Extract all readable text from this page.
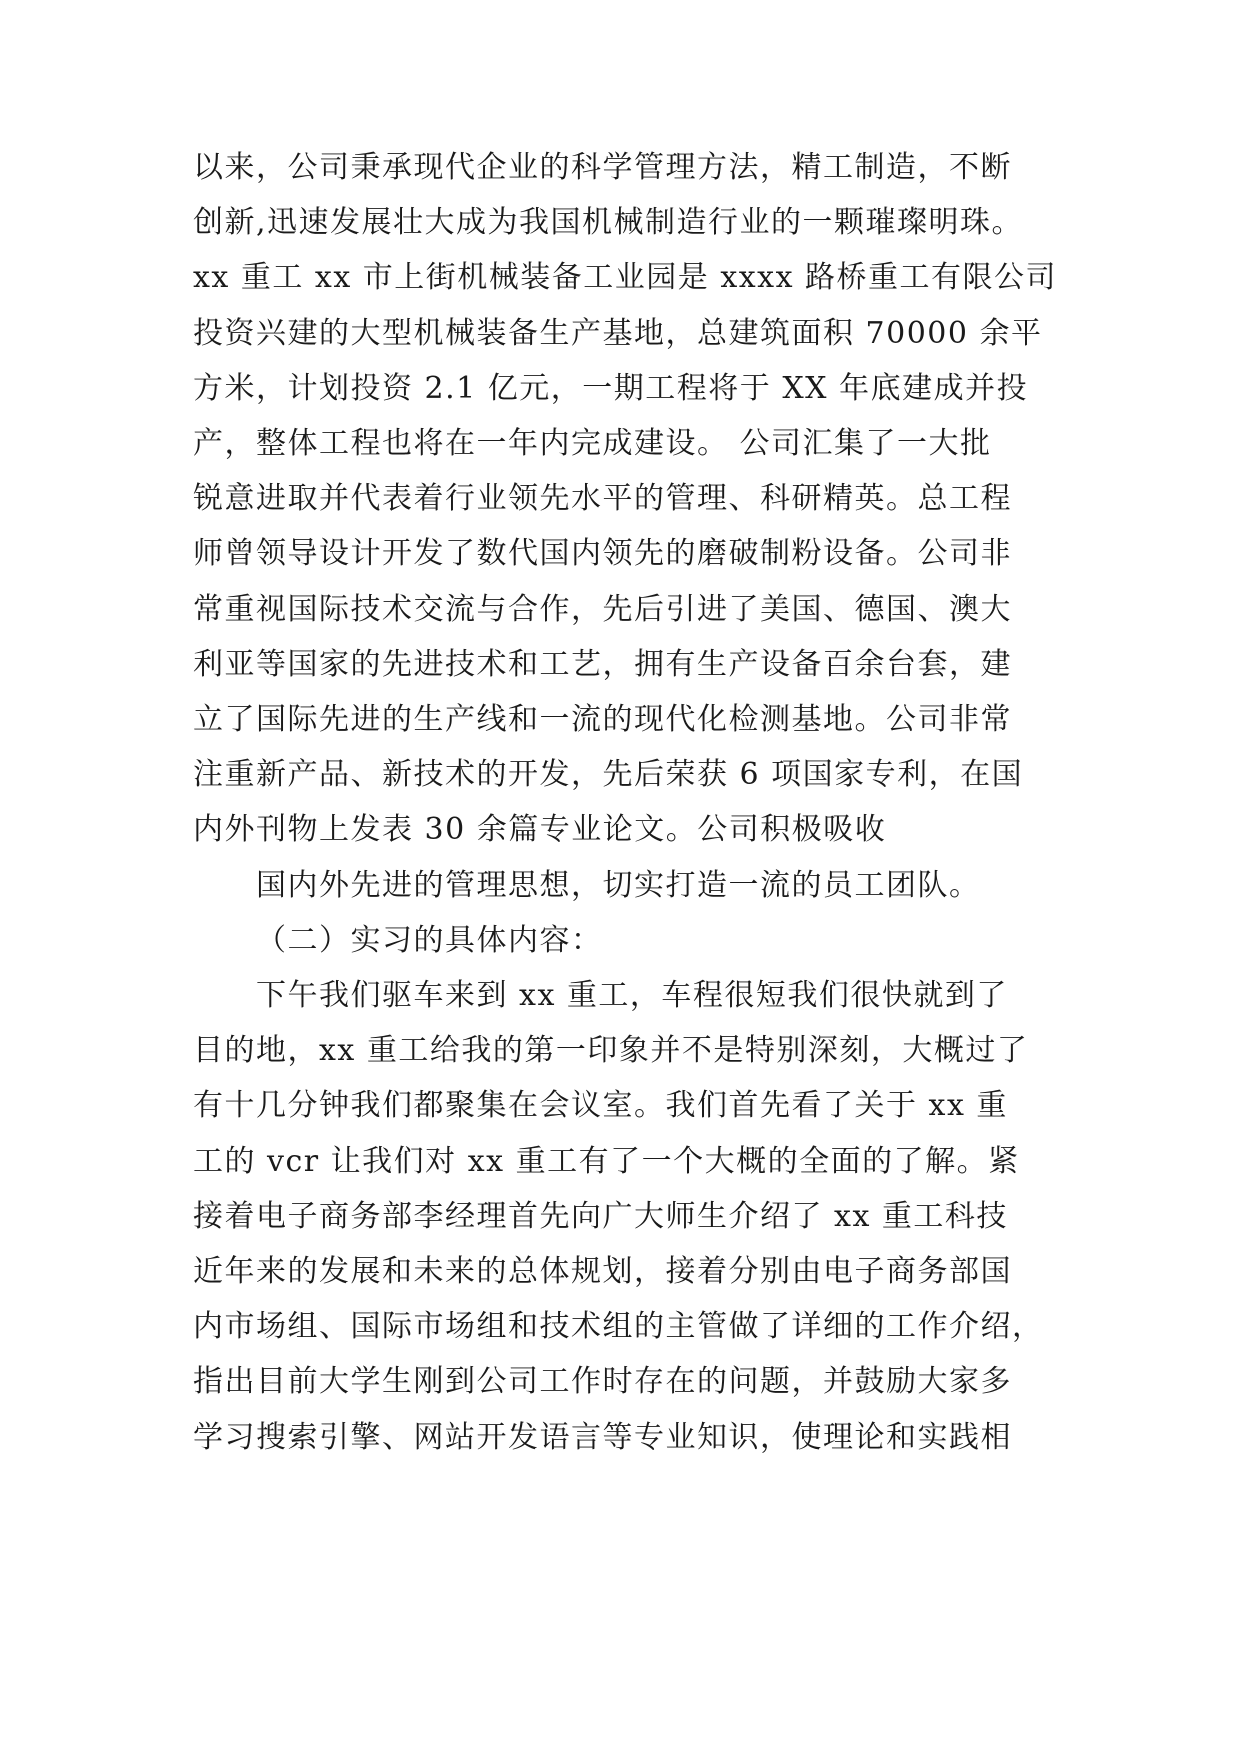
以来，公司秉承现代企业的科学管理方法，精工制造，不断
创新,迅速发展壮大成为我国机械制造行业的一颗璀璨明珠。
xx 重工 xx 市上街机械装备工业园是 xxxx 路桥重工有限公司
投资兴建的大型机械装备生产基地，总建筑面积 70000 余平
方米，计划投资 2.1 亿元，一期工程将于 XX 年底建成并投
产，整体工程也将在一年内完成建设。 公司汇集了一大批
锐意进取并代表着行业领先水平的管理、科研精英。总工程
师曾领导设计开发了数代国内领先的磨破制粉设备。公司非
常重视国际技术交流与合作，先后引进了美国、德国、澳大
利亚等国家的先进技术和工艺，拥有生产设备百余台套，建
立了国际先进的生产线和一流的现代化检测基地。公司非常
注重新产品、新技术的开发，先后荣获 6 项国家专利，在国
内外刊物上发表 30 余篇专业论文。公司积极吸收
国内外先进的管理思想，切实打造一流的员工团队。
（二）实习的具体内容：
下午我们驱车来到 xx 重工，车程很短我们很快就到了
目的地，xx 重工给我的第一印象并不是特别深刻，大概过了
有十几分钟我们都聚集在会议室。我们首先看了关于 xx 重
工的 vcr 让我们对 xx 重工有了一个大概的全面的了解。紧
接着电子商务部李经理首先向广大师生介绍了 xx 重工科技
近年来的发展和未来的总体规划，接着分别由电子商务部国
内市场组、国际市场组和技术组的主管做了详细的工作介绍，
指出目前大学生刚到公司工作时存在的问题，并鼓励大家多
学习搜索引擎、网站开发语言等专业知识，使理论和实践相
